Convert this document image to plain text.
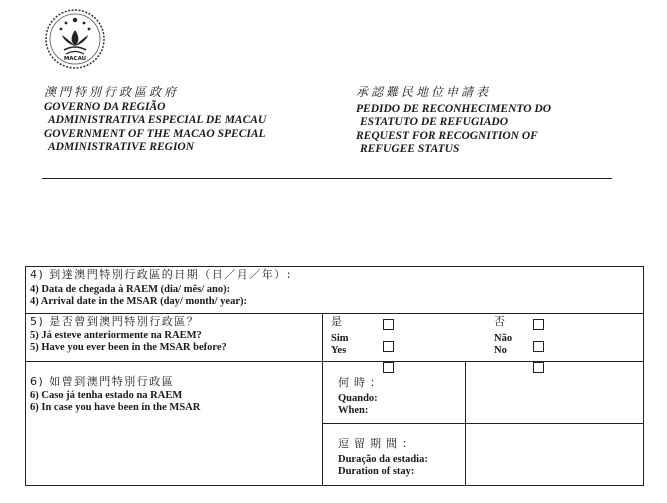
MACAU
澳門特別行政區政府
GOVERNO DA REGIÃO
ADMINISTRATIVA ESPECIAL DE MACAU
GOVERNMENT OF THE MACAO SPECIAL
ADMINISTRATIVE REGION
承認難民地位申請表
PEDIDO DE RECONHECIMENTO DO
ESTATUTO DE REFUGIADO
REQUEST FOR RECOGNITION OF
REFUGEE STATUS
4) 到達澳門特別行政區的日期（日／月／年）:
4) Data de chegada à RAEM (dia/ mês/ ano):
4) Arrival date in the MSAR (day/ month/ year):
5) 是否曾到澳門特別行政區？
5) Já esteve anteriormente na RAEM?
5) Have you ever been in the MSAR before?
是
Sim
Yes
否
Não
No
6) 如曾到澳門特別行政區
6) Caso já tenha estado na RAEM
6) In case you have been in the MSAR
何時：
Quando:
When:
逗留期間：
Duração da estadia:
Duration of stay:
